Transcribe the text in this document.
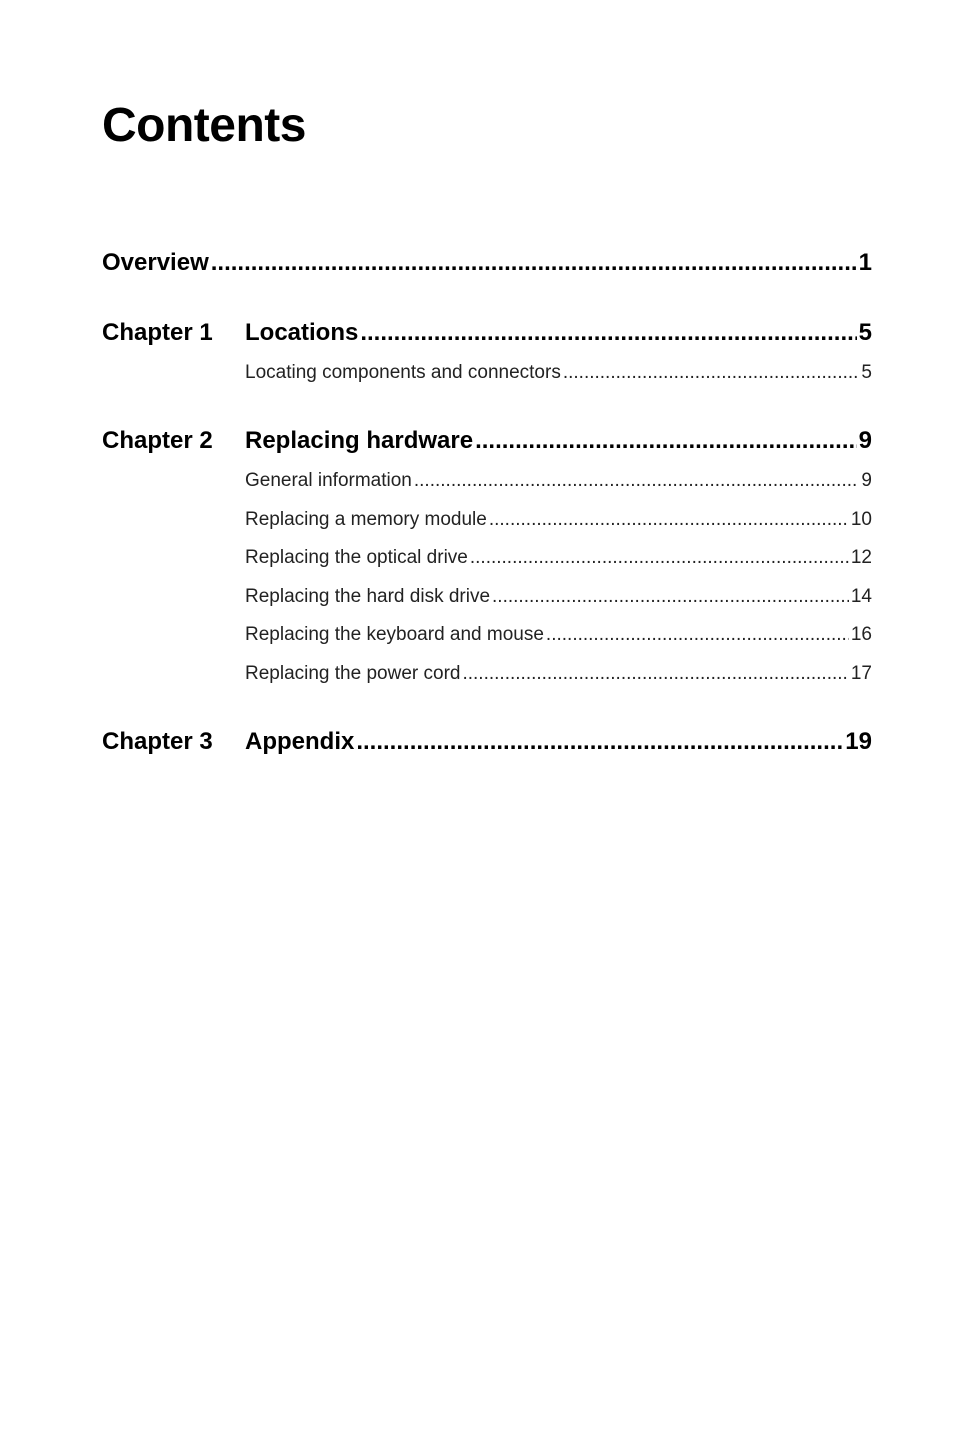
Contents
Overview .....	1
Chapter 1 Locations .....	5
Locating components and connectors .....	5
Chapter 2 Replacing hardware .....	9
General information .....	9
Replacing a memory module .....	10
Replacing the optical drive .....	12
Replacing the hard disk drive .....	14
Replacing the keyboard and mouse .....	16
Replacing the power cord .....	17
Chapter 3 Appendix .....	19
